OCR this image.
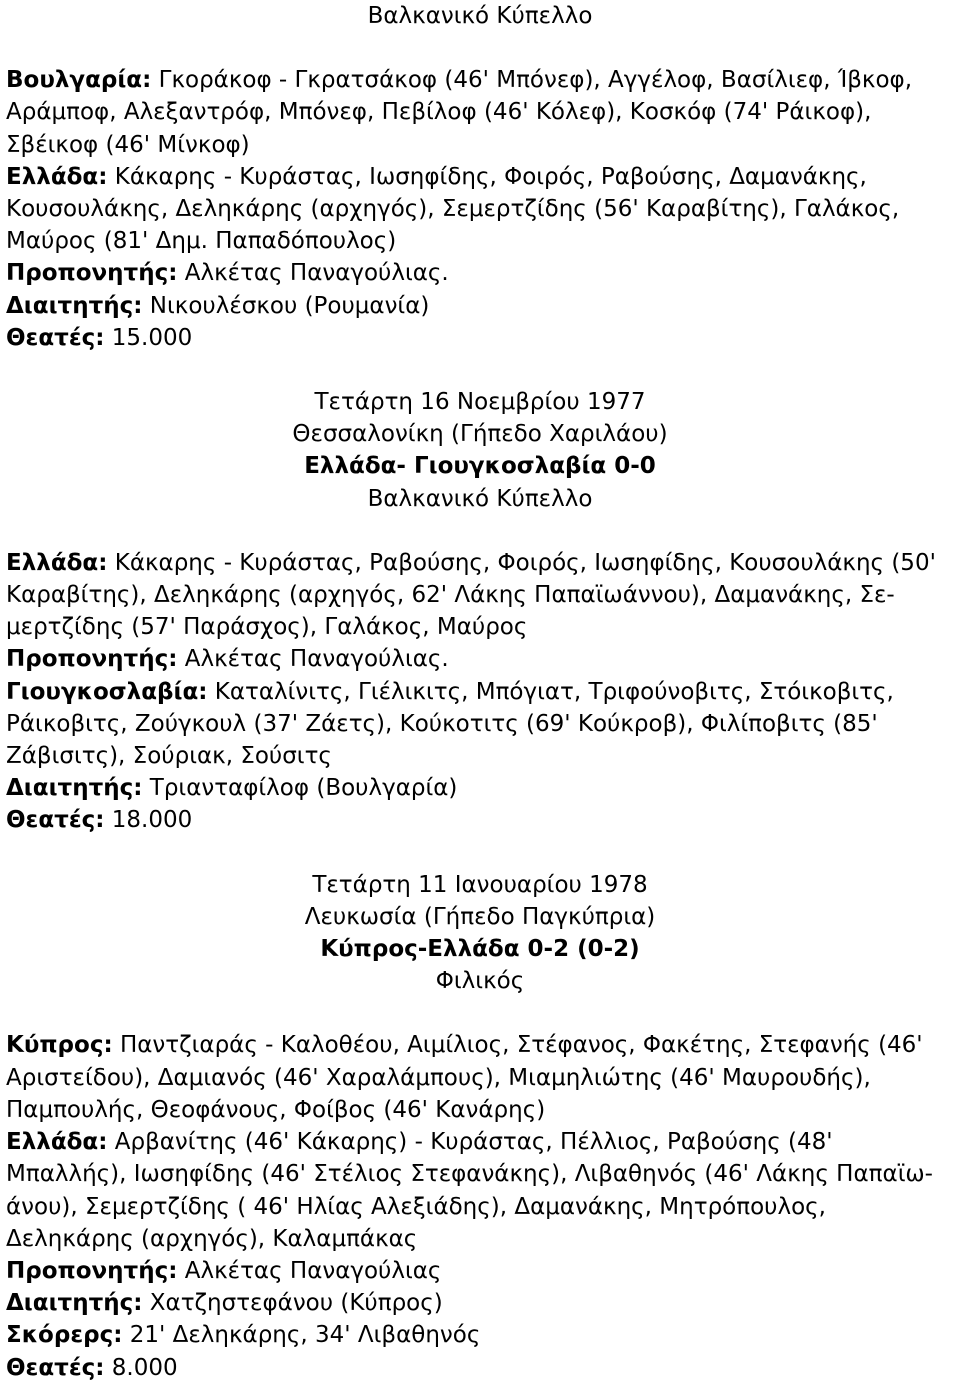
Βαλκανικό Κύπελλο

Βουλγαρία: Γκοράκοφ - Γκρατσάκοφ (46' Μπόνεφ), Αγγέλοφ, Βασίλιεφ, Ίβκοφ, Αράμποφ, Αλεξαντρόφ, Μπόνεφ, Πεβίλοφ (46' Κόλεφ), Κοσκόφ (74' Ράικοφ), Σβέικοφ (46' Μίνκοφ)

Ελλάδα: Κάκαρης - Κυράστας, Ιωσηφίδης, Φοιρός, Ραβούσης, Δαμανάκης, Κουσουλάκης, Δεληκάρης (αρχηγός), Σεμερτζίδης (56' Καραβίτης), Γαλάκος, Μαύρος (81' Δημ. Παπαδόπουλος)

Προπονητής: Αλκέτας Παναγούλιας.

Διαιτητής: Νικουλέσκου (Ρουμανία)

Θεατές: 15.000

Τετάρτη 16 Νοεμβρίου 1977

Θεσσαλονίκη (Γήπεδο Χαριλάου)

Ελλάδα- Γιουγκοσλαβία 0-0

Βαλκανικό Κύπελλο

Ελλάδα: Κάκαρης - Κυράστας, Ραβούσης, Φοιρός, Ιωσηφίδης, Κουσουλάκης (50' Καραβίτης), Δεληκάρης (αρχηγός, 62' Λάκης Παπαϊωάννου), Δαμανάκης, Σε-μερτζίδης (57' Παράσχος), Γαλάκος, Μαύρος

Προπονητής: Αλκέτας Παναγούλιας.

Γιουγκοσλαβία: Καταλίνιτς, Γιέλικιτς, Μπόγιατ, Τριφούνοβιτς, Στόικοβιτς, Ράικοβιτς, Ζούγκουλ (37' Ζάετς), Κούκοτιτς (69' Κούκροβ), Φιλίποβιτς (85' Ζάβισιτς), Σούριακ, Σούσιτς

Διαιτητής: Τριανταφίλοφ (Βουλγαρία)

Θεατές: 18.000

Τετάρτη 11 Ιανουαρίου 1978

Λευκωσία (Γήπεδο Παγκύπρια)

Κύπρος-Ελλάδα 0-2 (0-2)

Φιλικός

Κύπρος: Παντζιαράς - Καλοθέου, Αιμίλιος, Στέφανος, Φακέτης, Στεφανής (46' Αριστείδου), Δαμιανός (46' Χαραλάμπους), Μιαμηλιώτης (46' Μαυρουδής), Παμπουλής, Θεοφάνους, Φοίβος (46' Κανάρης)

Ελλάδα: Αρβανίτης (46' Κάκαρης) - Κυράστας, Πέλλιος, Ραβούσης (48' Μπαλλής), Ιωσηφίδης (46' Στέλιος Στεφανάκης), Λιβαθηνός (46' Λάκης Παπαϊω-άνου), Σεμερτζίδης ( 46' Ηλίας Αλεξιάδης), Δαμανάκης, Μητρόπουλος, Δεληκάρης (αρχηγός), Καλαμπάκας

Προπονητής: Αλκέτας Παναγούλιας

Διαιτητής: Χατζηστεφάνου (Κύπρος)

Σκόρερς: 21' Δεληκάρης, 34' Λιβαθηνός

Θεατές: 8.000
